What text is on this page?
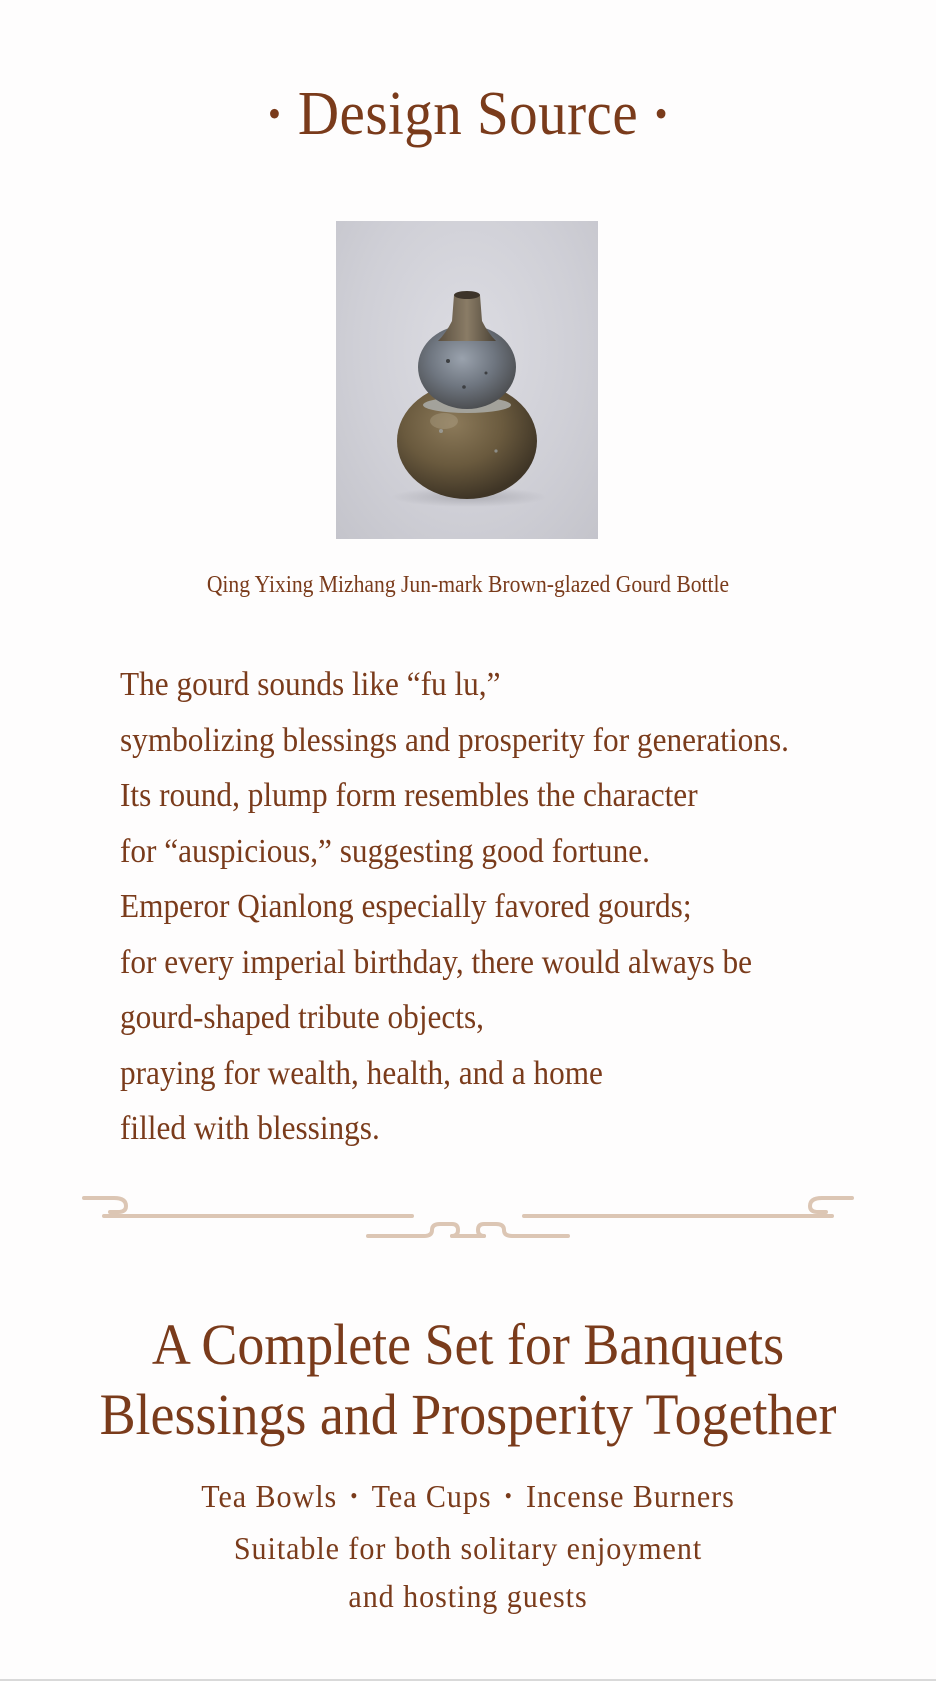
• Design Source •
Qing Yixing Mizhang Jun-mark Brown-glazed Gourd Bottle
The gourd sounds like “fu lu,”
symbolizing blessings and prosperity for generations.
Its round, plump form resembles the character
for “auspicious,” suggesting good fortune.
Emperor Qianlong especially favored gourds;
for every imperial birthday, there would always be
gourd-shaped tribute objects,
praying for wealth, health, and a home
filled with blessings.
A Complete Set for Banquets
Blessings and Prosperity Together
Tea Bowls • Tea Cups • Incense Burners
Suitable for both solitary enjoyment
and hosting guests
